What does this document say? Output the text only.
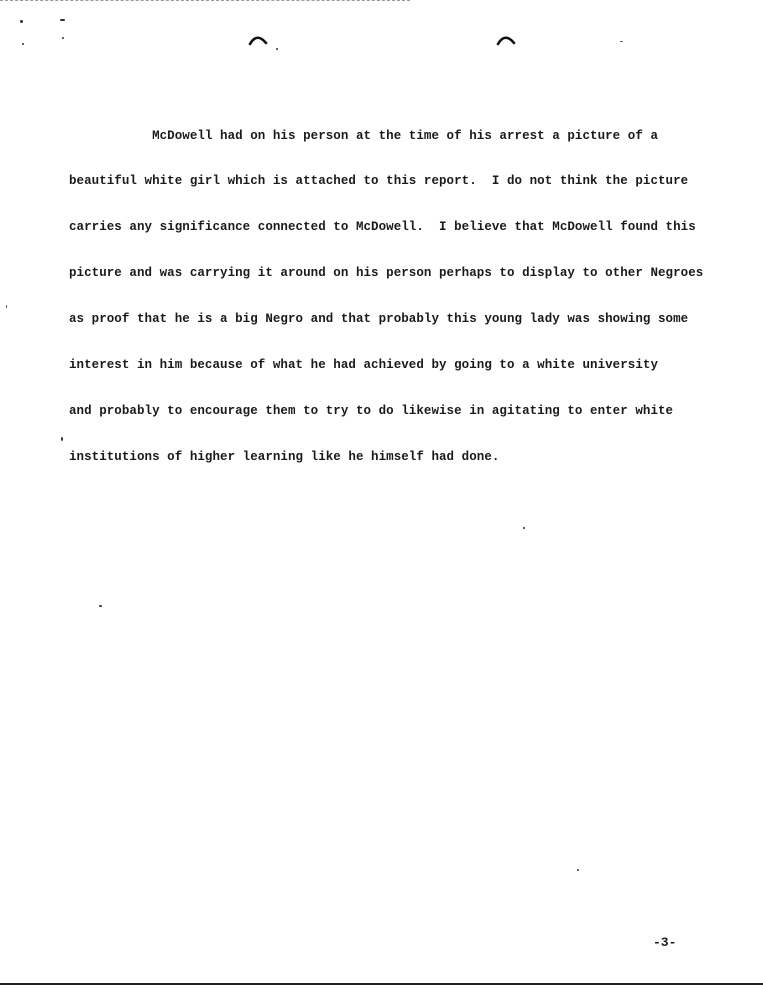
McDowell had on his person at the time of his arrest a picture of a

beautiful white girl which is attached to this report.  I do not think the picture

carries any significance connected to McDowell.  I believe that McDowell found this

picture and was carrying it around on his person perhaps to display to other Negroes

as proof that he is a big Negro and that probably this young lady was showing some

interest in him because of what he had achieved by going to a white university

and probably to encourage them to try to do likewise in agitating to enter white

institutions of higher learning like he himself had done.

-3-
